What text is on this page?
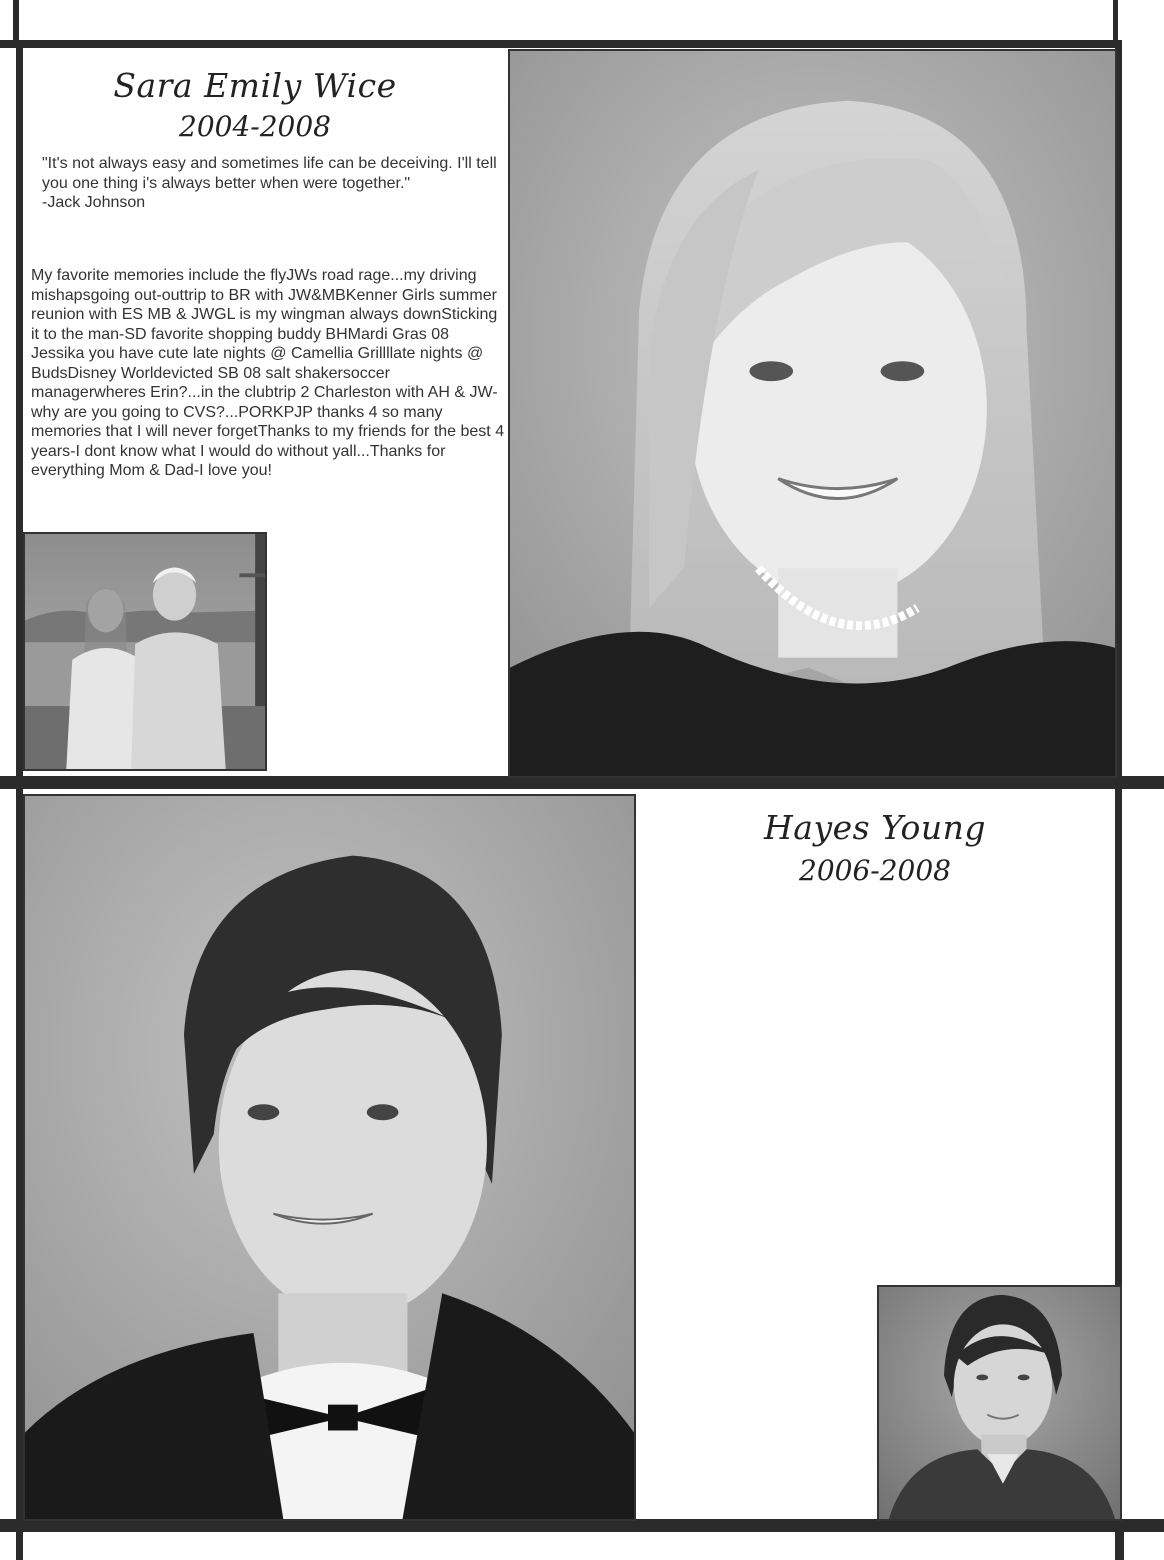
Sara Emily Wice
2004-2008

"It's not always easy and sometimes life can be deceiving. I'll tell you one thing i's always better when were together."
-Jack Johnson

My favorite memories include the flyJWs road rage...my driving mishapsgoing out-outtrip to BR with JW&MBKenner Girls summer reunion with ES MB & JWGL is my wingman always downSticking it to the man-SD favorite shopping buddy BHMardi Gras 08 Jessika you have cute late nights @ Camellia Grillllate nights @ BudsDisney Worldevicted SB 08 salt shakersoccer managerwheres Erin?...in the clubtrip 2 Charleston with AH & JW- why are you going to CVS?...PORKPJP thanks 4 so many memories that I will never forgetThanks to my friends for the best 4 years-I dont know what I would do without yall...Thanks for everything Mom & Dad-I love you!

Hayes Young
2006-2008
